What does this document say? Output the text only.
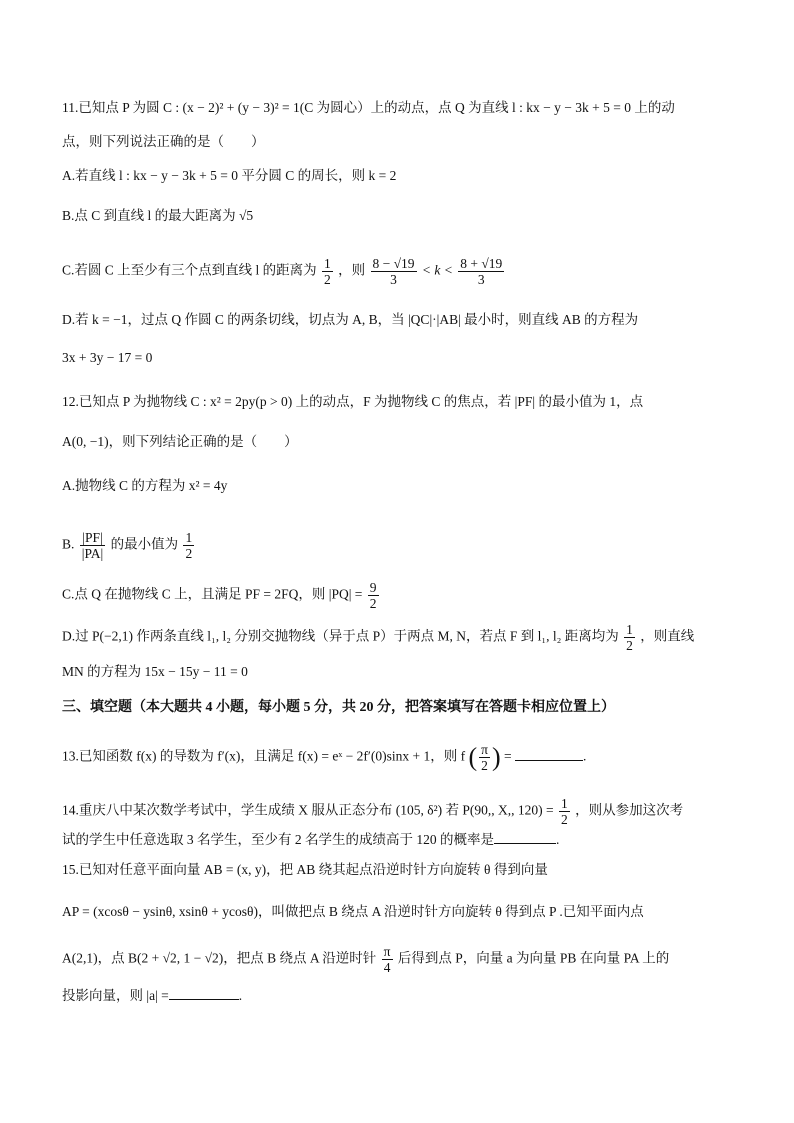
11.已知点 P 为圆 C : (x − 2)² + (y − 3)² = 1(C 为圆心）上的动点，点 Q 为直线 l : kx − y − 3k + 5 = 0 上的动
点，则下列说法正确的是（　　）
A.若直线 l : kx − y − 3k + 5 = 0 平分圆 C 的周长，则 k = 2
B.点 C 到直线 l 的最大距离为 √5
C.若圆 C 上至少有三个点到直线 l 的距离为 $\frac{1}{2}$ ，则 $\frac{8 - √19}{3} < k < \frac{8 + √19}{3}$
D.若 k = −1，过点 Q 作圆 C 的两条切线，切点为 A, B，当 |QC|·|AB| 最小时，则直线 AB 的方程为
3x + 3y − 17 = 0
12.已知点 P 为抛物线 C : x² = 2py(p > 0) 上的动点，F 为抛物线 C 的焦点，若 |PF| 的最小值为 1，点
A(0, −1)，则下列结论正确的是（　　）
A.抛物线 C 的方程为 x² = 4y
B. $\frac{|PF|}{|PA|}$ 的最小值为 $\frac{1}{2}$
C.点 Q 在抛物线 C 上，且满足 PF = 2FQ，则 $|PQ| = \frac{9}{2}$
D.过 P(−2,1) 作两条直线 l₁, l₂ 分别交抛物线（异于点 P）于两点 M, N，若点 F 到 l₁, l₂ 距离均为 $\frac{1}{2}$ ，则直线
MN 的方程为 15x − 15y − 11 = 0
三、填空题（本大题共 4 小题，每小题 5 分，共 20 分，把答案填写在答题卡相应位置上）
13.已知函数 f(x) 的导数为 f′(x)，且满足 f(x) = eˣ − 2f′(0)sinx + 1，则 f ( $\frac{\pi}{2}$ ) =	.
14.重庆八中某次数学考试中，学生成绩 X 服从正态分布 (105, δ²) 若 P(90,, X,, $120) = \frac{1}{2}$ ，则从参加这次考
试的学生中任意选取 3 名学生，至少有 2 名学生的成绩高于 120 的概率是	.
15.已知对任意平面向量 AB = (x, y)，把 AB 绕其起点沿逆时针方向旋转 θ 得到向量
AP = (xcosθ − ysinθ, xsinθ + ycosθ)，叫做把点 B 绕点 A 沿逆时针方向旋转 θ 得到点 P .已知平面内点
A(2,1)，点 B(2 + √2, 1 − √2)，把点 B 绕点 A 沿逆时针 $\frac{\pi}{4}$ 后得到点 P，向量 a 为向量 PB 在向量 PA 上的
投影向量，则 |a| =	.
